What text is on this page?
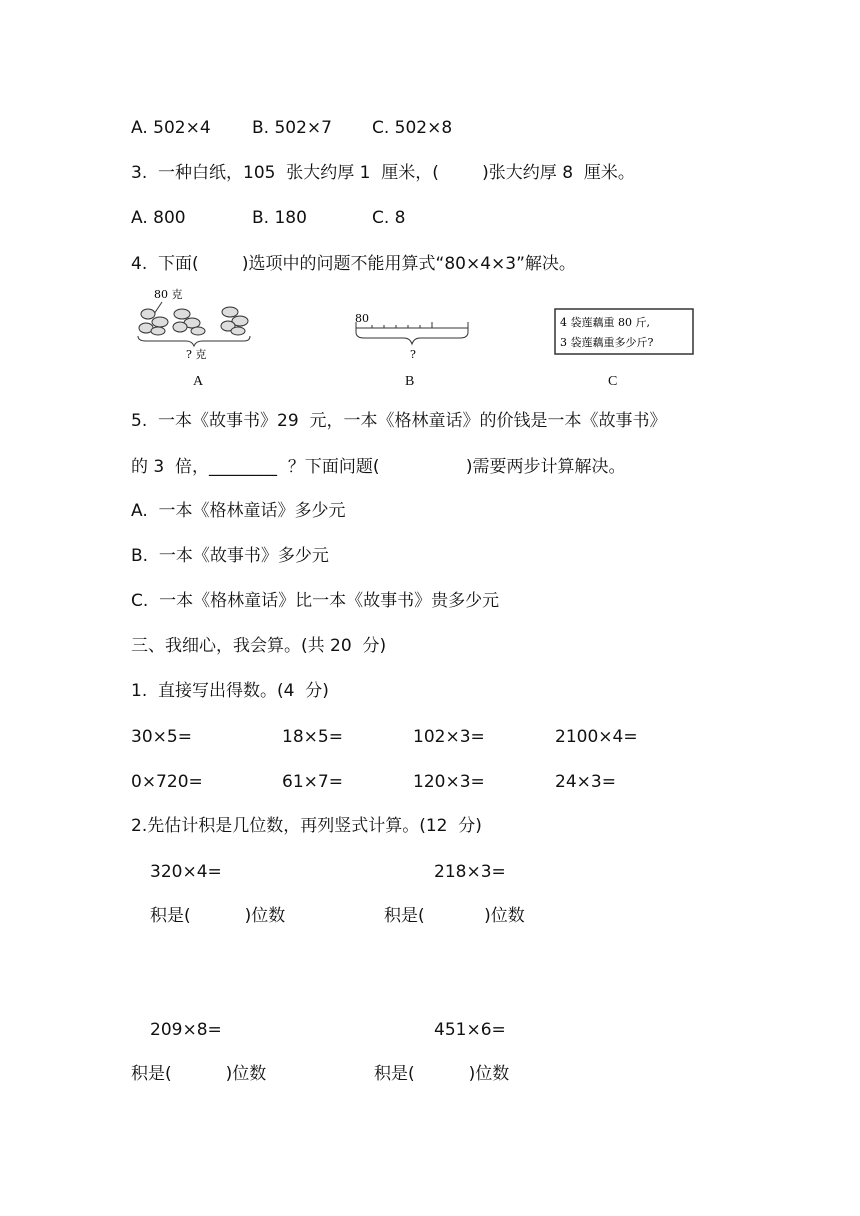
A. 502×4 B. 502×7 C. 502×8
3.  一种白纸，105  张大约厚 1  厘米，(        )张大约厚 8  厘米。
A. 800	B. 180	C. 8
4.  下面(        )选项中的问题不能用算式“80×4×3”解决。
80 克
? 克
A
80
?
B
4 袋莲藕重 80 斤,
3 袋莲藕重多少斤?
C
5.  一本《故事书》29  元，一本《格林童话》的价钱是一本《故事书》
的 3  倍，________  ？下面问题(                )需要两步计算解决。
A.  一本《格林童话》多少元
B.  一本《故事书》多少元
C.  一本《格林童话》比一本《故事书》贵多少元
三、我细心，我会算。(共 20  分)
1.  直接写出得数。(4  分)
30×5=	18×5=	102×3=	2100×4=
0×720=	61×7=	120×3=	24×3=
2.先估计积是几位数，再列竖式计算。(12  分)
320×4=	218×3=
积是(          )位数	积是(           )位数
209×8=	451×6=
积是(          )位数	积是(          )位数
